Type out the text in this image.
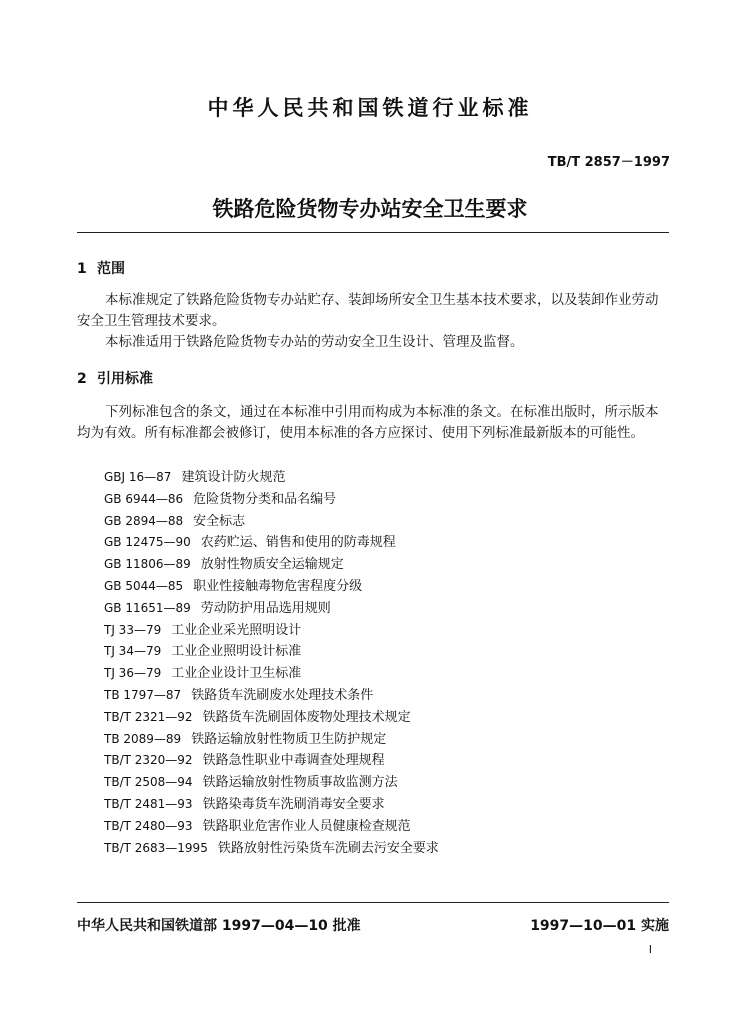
中华人民共和国铁道行业标准
TB/T 2857－1997
铁路危险货物专办站安全卫生要求
1 范围
本标准规定了铁路危险货物专办站贮存、装卸场所安全卫生基本技术要求，以及装卸作业劳动安全卫生管理技术要求。
本标准适用于铁路危险货物专办站的劳动安全卫生设计、管理及监督。
2 引用标准
下列标准包含的条文，通过在本标准中引用而构成为本标准的条文。在标准出版时，所示版本均为有效。所有标准都会被修订，使用本标准的各方应探讨、使用下列标准最新版本的可能性。
GBJ 16—87 建筑设计防火规范
GB 6944—86 危险货物分类和品名编号
GB 2894—88 安全标志
GB 12475—90 农药贮运、销售和使用的防毒规程
GB 11806—89 放射性物质安全运输规定
GB 5044—85 职业性接触毒物危害程度分级
GB 11651—89 劳动防护用品选用规则
TJ 33—79 工业企业采光照明设计
TJ 34—79 工业企业照明设计标准
TJ 36—79 工业企业设计卫生标准
TB 1797—87 铁路货车洗刷废水处理技术条件
TB/T 2321—92 铁路货车洗刷固体废物处理技术规定
TB 2089—89 铁路运输放射性物质卫生防护规定
TB/T 2320—92 铁路急性职业中毒调查处理规程
TB/T 2508—94 铁路运输放射性物质事故监测方法
TB/T 2481—93 铁路染毒货车洗刷消毒安全要求
TB/T 2480—93 铁路职业危害作业人员健康检查规范
TB/T 2683—1995 铁路放射性污染货车洗刷去污安全要求
中华人民共和国铁道部 1997—04—10 批准	1997—10—01 实施
I
